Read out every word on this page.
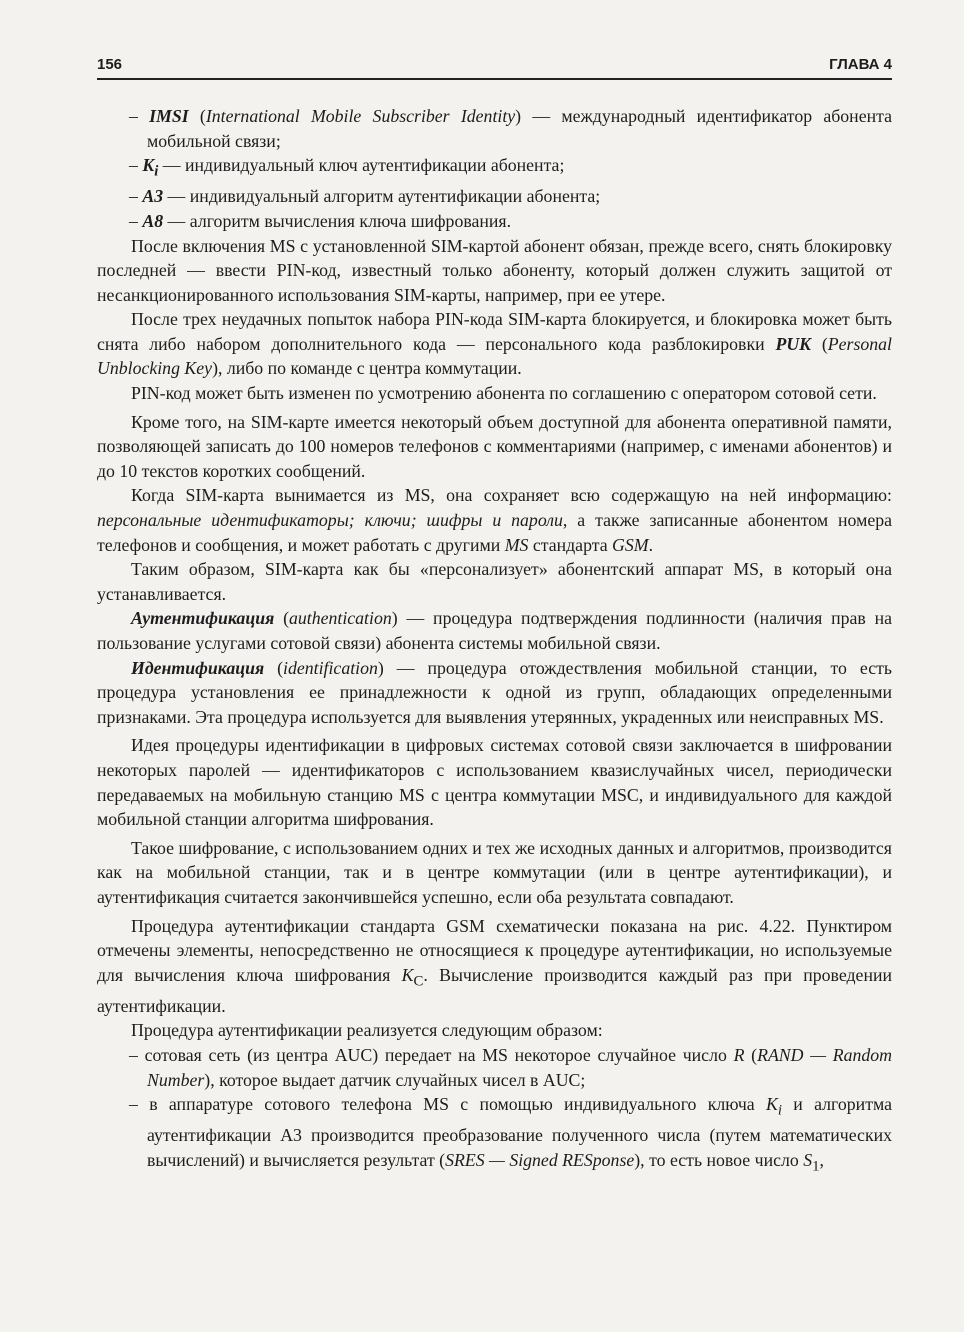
156	ГЛАВА 4

– IMSI (International Mobile Subscriber Identity) — международный идентификатор абонента мобильной связи;

– $K_i$ — индивидуальный ключ аутентификации абонента;

– A3 — индивидуальный алгоритм аутентификации абонента;

– A8 — алгоритм вычисления ключа шифрования.

После включения MS с установленной SIM-картой абонент обязан, прежде всего, снять блокировку последней — ввести PIN-код, известный только абоненту, который должен служить защитой от несанкционированного использования SIM-карты, например, при ее утере.

После трех неудачных попыток набора PIN-кода SIM-карта блокируется, и блокировка может быть снята либо набором дополнительного кода — персонального кода разблокировки PUK (Personal Unblocking Key), либо по команде с центра коммутации.

PIN-код может быть изменен по усмотрению абонента по соглашению с оператором сотовой сети.

Кроме того, на SIM-карте имеется некоторый объем доступной для абонента оперативной памяти, позволяющей записать до 100 номеров телефонов с комментариями (например, с именами абонентов) и до 10 текстов коротких сообщений.

Когда SIM-карта вынимается из MS, она сохраняет всю содержащую на ней информацию: персональные идентификаторы; ключи; шифры и пароли, а также записанные абонентом номера телефонов и сообщения, и может работать с другими MS стандарта GSM.

Таким образом, SIM-карта как бы «персонализует» абонентский аппарат MS, в который она устанавливается.

Аутентификация (authentication) — процедура подтверждения подлинности (наличия прав на пользование услугами сотовой связи) абонента системы мобильной связи.

Идентификация (identification) — процедура отождествления мобильной станции, то есть процедура установления ее принадлежности к одной из групп, обладающих определенными признаками. Эта процедура используется для выявления утерянных, украденных или неисправных MS.

Идея процедуры идентификации в цифровых системах сотовой связи заключается в шифровании некоторых паролей — идентификаторов с использованием квазислучайных чисел, периодически передаваемых на мобильную станцию MS с центра коммутации MSC, и индивидуального для каждой мобильной станции алгоритма шифрования.

Такое шифрование, с использованием одних и тех же исходных данных и алгоритмов, производится как на мобильной станции, так и в центре коммутации (или в центре аутентификации), и аутентификация считается закончившейся успешно, если оба результата совпадают.

Процедура аутентификации стандарта GSM схематически показана на рис. 4.22. Пунктиром отмечены элементы, непосредственно не относящиеся к процедуре аутентификации, но используемые для вычисления ключа шифрования $K_C$. Вычисление производится каждый раз при проведении аутентификации.

Процедура аутентификации реализуется следующим образом:

– сотовая сеть (из центра AUC) передает на MS некоторое случайное число R (RAND — Random Number), которое выдает датчик случайных чисел в AUC;

– в аппаратуре сотового телефона MS с помощью индивидуального ключа $K_i$ и алгоритма аутентификации A3 производится преобразование полученного числа (путем математических вычислений) и вычисляется результат (SRES — Signed RESponse), то есть новое число $S_1$,
